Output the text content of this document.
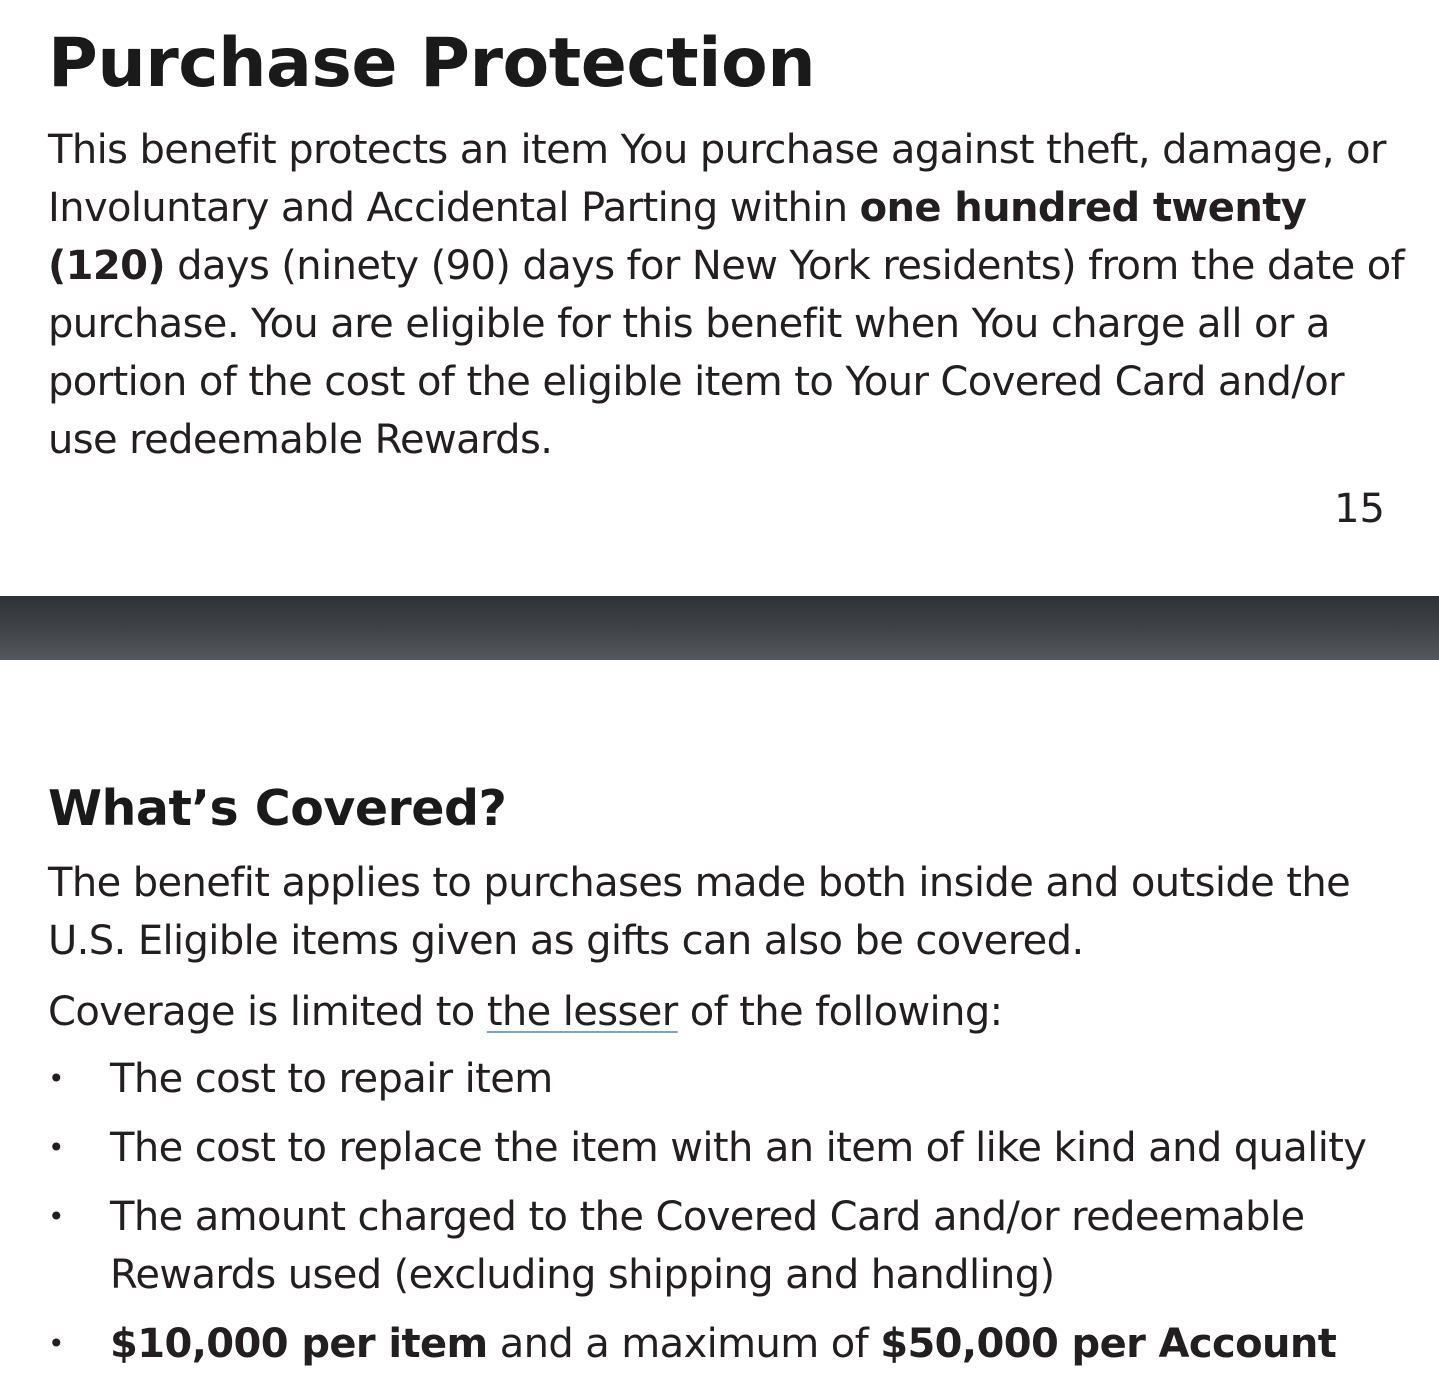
Purchase Protection

This benefit protects an item You purchase against theft, damage, or Involuntary and Accidental Parting within one hundred twenty (120) days (ninety (90) days for New York residents) from the date of purchase. You are eligible for this benefit when You charge all or a portion of the cost of the eligible item to Your Covered Card and/or use redeemable Rewards.

15
What’s Covered?

The benefit applies to purchases made both inside and outside the U.S. Eligible items given as gifts can also be covered.

Coverage is limited to the lesser of the following:

• The cost to repair item
• The cost to replace the item with an item of like kind and quality
• The amount charged to the Covered Card and/or redeemable Rewards used (excluding shipping and handling)
• $10,000 per item and a maximum of $50,000 per Account
